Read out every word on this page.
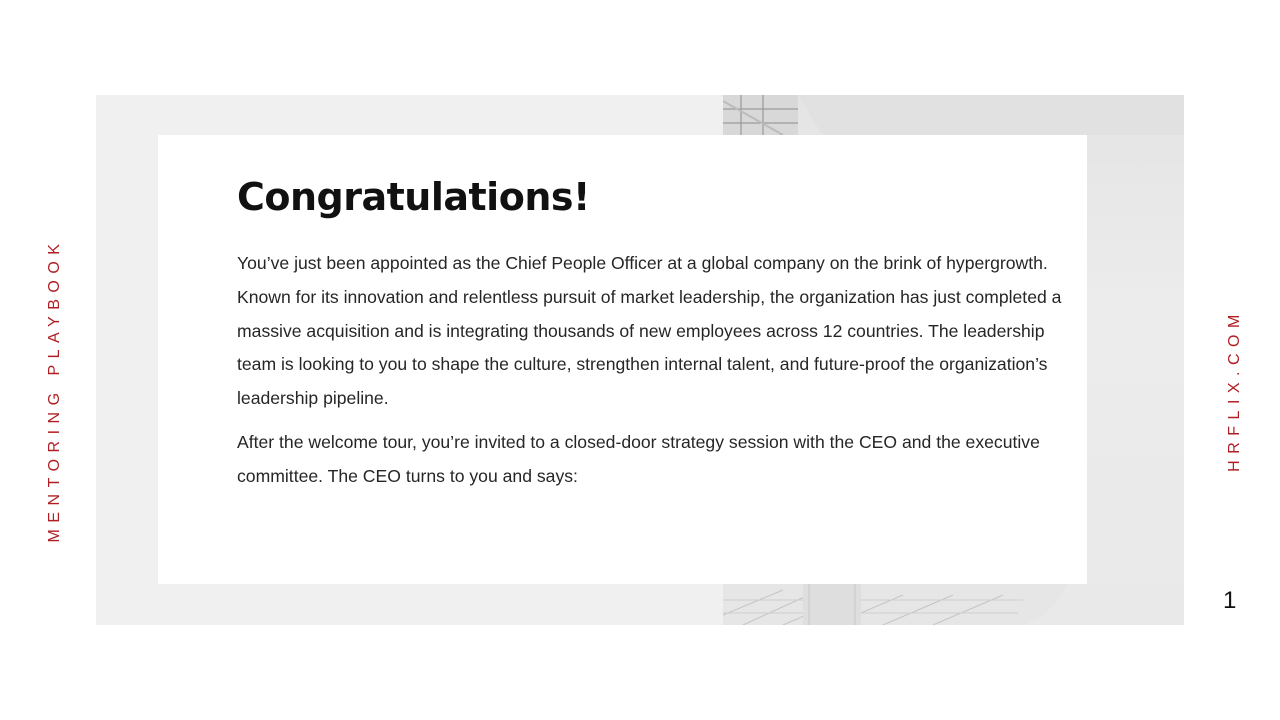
Congratulations!

You’ve just been appointed as the Chief People Officer at a global company on the brink of hypergrowth. Known for its innovation and relentless pursuit of market leadership, the organization has just completed a massive acquisition and is integrating thousands of new employees across 12 countries. The leadership team is looking to you to shape the culture, strengthen internal talent, and future-proof the organization’s leadership pipeline.

After the welcome tour, you’re invited to a closed-door strategy session with the CEO and the executive committee. The CEO turns to you and says:

MENTORING PLAYBOOK	HRFLIX.COM
1
